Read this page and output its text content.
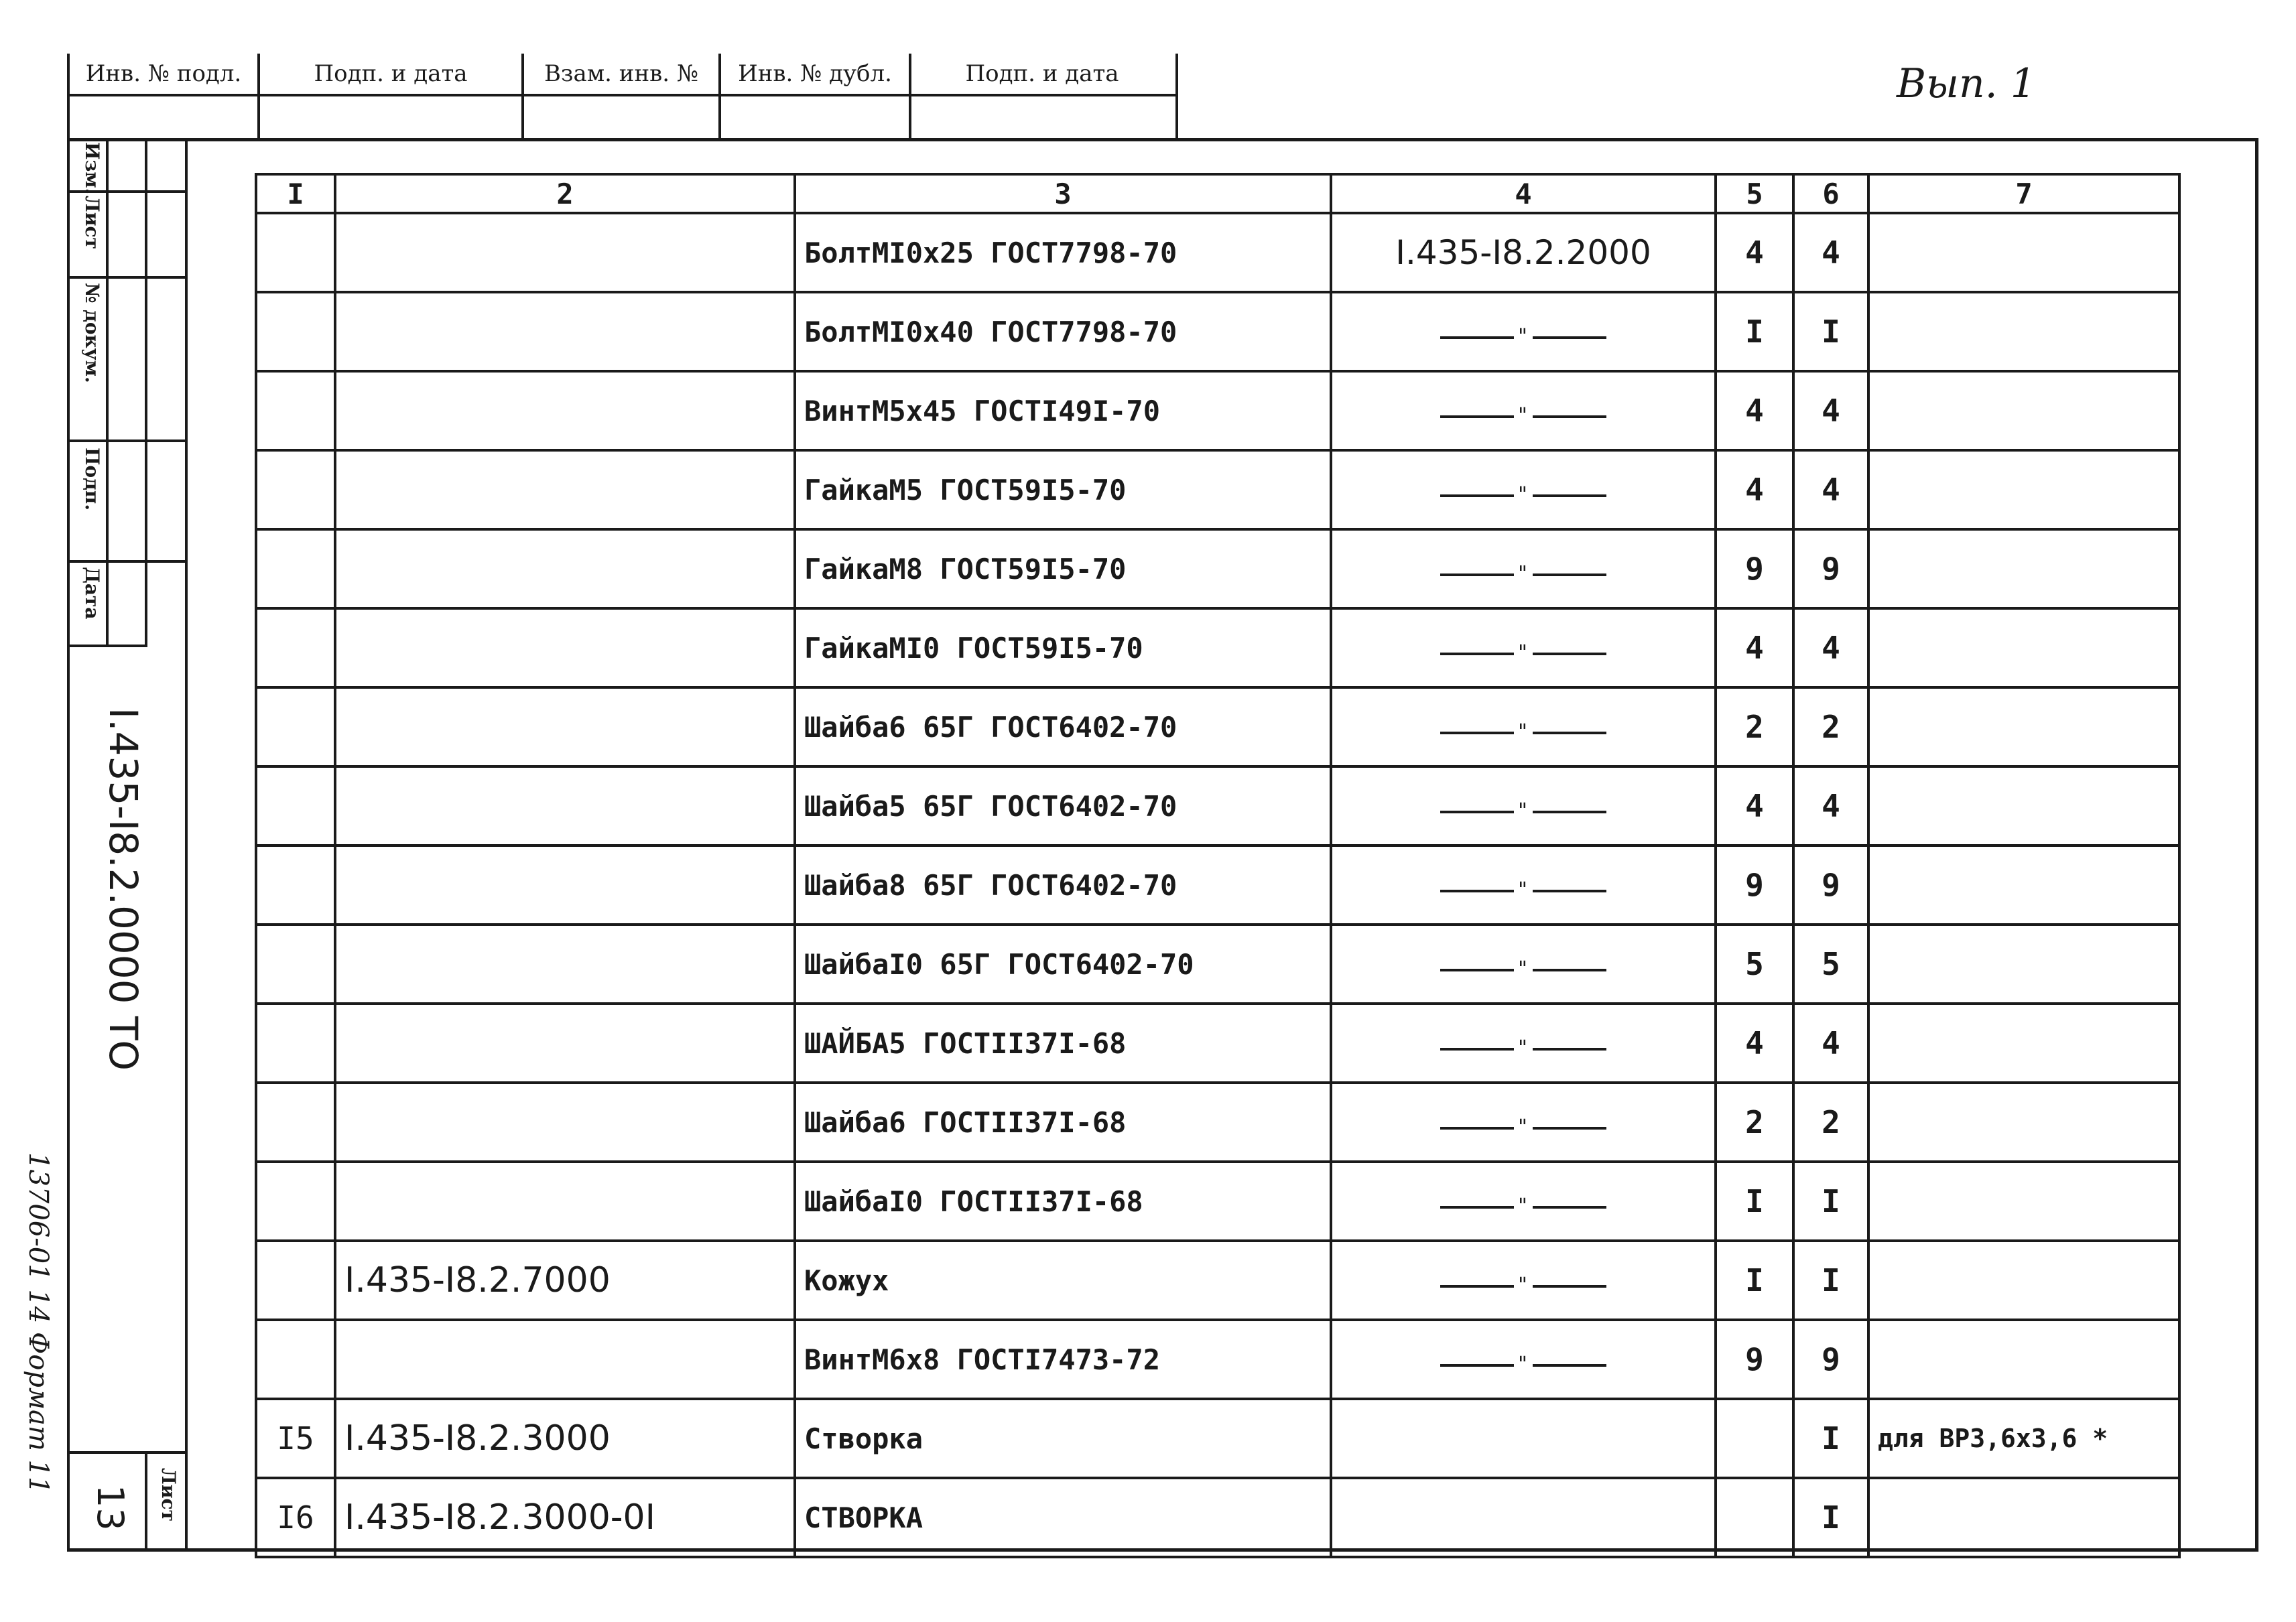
Инв. № подл.	Подп. и дата	Взам. инв. №	Инв. № дубл.	Подп. и дата	Вып. 1
Изм.
Лист
№ докум.
Подп.
Дата
I.435-I8.2.0000 ТО
13 Лист
13706-01 14 Формат 11
I	2	3	4	5	6	7
		БолтМI0х25 ГОСТ7798-70	I.435-I8.2.2000	4	4	
		БолтМI0х40 ГОСТ7798-70	"	I	I	
		ВинтМ5х45 ГОСТI49I-70	"	4	4	
		ГайкаМ5 ГОСТ59I5-70	"	4	4	
		ГайкаМ8 ГОСТ59I5-70	"	9	9	
		ГайкаМI0 ГОСТ59I5-70	"	4	4	
		Шайба6 65Г ГОСТ6402-70	"	2	2	
		Шайба5 65Г ГОСТ6402-70	"	4	4	
		Шайба8 65Г ГОСТ6402-70	"	9	9	
		ШайбаI0 65Г ГОСТ6402-70	"	5	5	
		ШАЙБА5 ГОСТII37I-68	"	4	4	
		Шайба6 ГОСТII37I-68	"	2	2	
		ШайбаI0 ГОСТII37I-68	"	I	I	
	I.435-I8.2.7000	Кожух	"	I	I	
		ВинтМ6х8 ГОСТI7473-72	"	9	9	
I5	I.435-I8.2.3000	Створка			I	для ВР3,6х3,6 *
I6	I.435-I8.2.3000-0I	СТВОРКА			I	
